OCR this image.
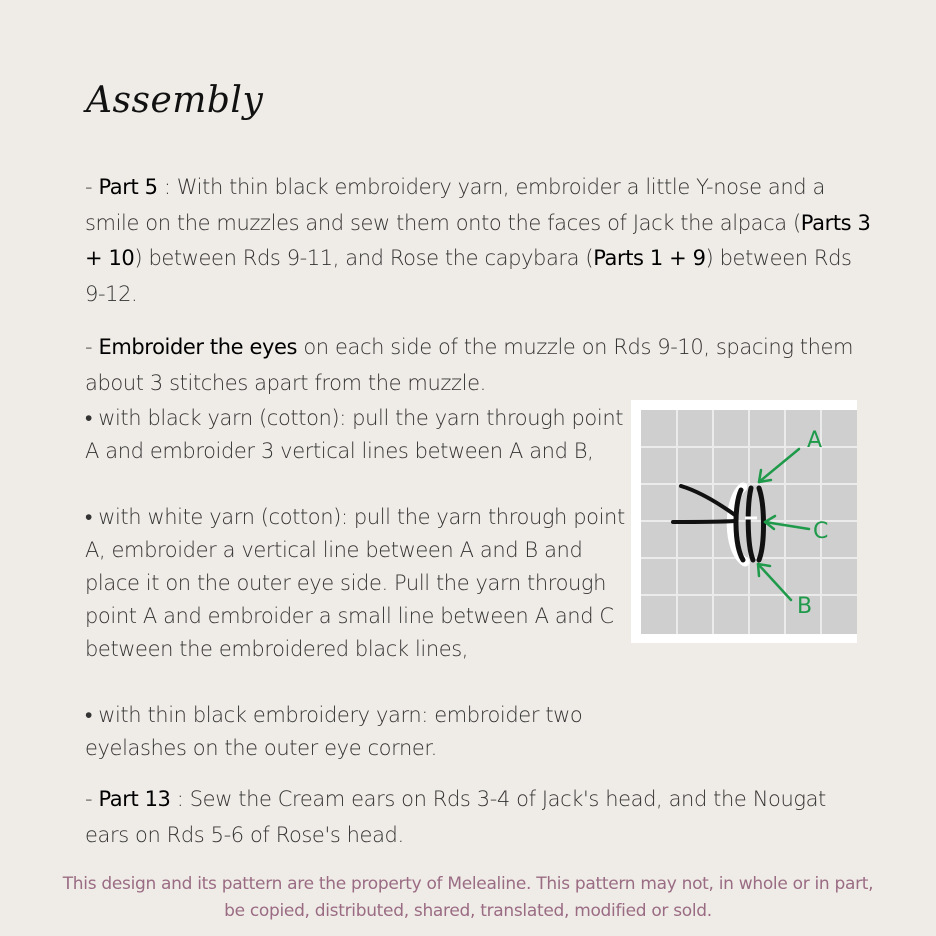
Assembly
- Part 5 : With thin black embroidery yarn, embroider a little Y-nose and a smile on the muzzles and sew them onto the faces of Jack the alpaca (Parts 3 + 10) between Rds 9-11, and Rose the capybara (Parts 1 + 9) between Rds 9-12.
- Embroider the eyes on each side of the muzzle on Rds 9-10, spacing them about 3 stitches apart from the muzzle.
• with black yarn (cotton): pull the yarn through point A and embroider 3 vertical lines between A and B,
• with white yarn (cotton): pull the yarn through point A, embroider a vertical line between A and B and place it on the outer eye side. Pull the yarn through point A and embroider a small line between A and C between the embroidered black lines,
• with thin black embroidery yarn: embroider two eyelashes on the outer eye corner.
A
C
B
- Part 13 : Sew the Cream ears on Rds 3-4 of Jack's head, and the Nougat ears on Rds 5-6 of Rose's head.
This design and its pattern are the property of Melealine. This pattern may not, in whole or in part, be copied, distributed, shared, translated, modified or sold.
